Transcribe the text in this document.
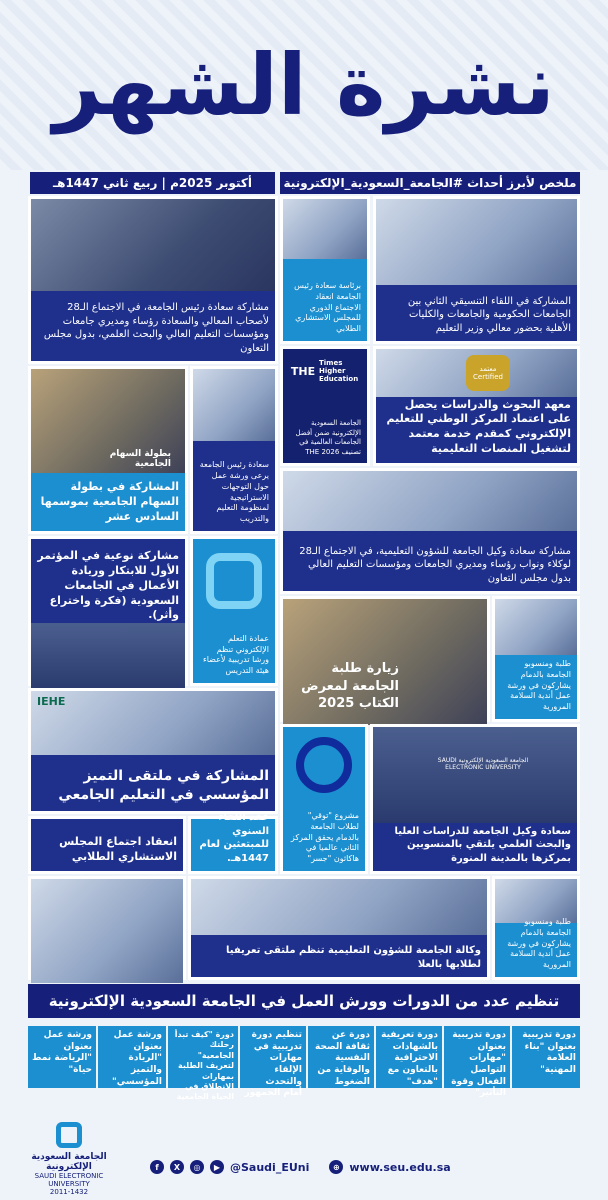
نشرة الشهر
ملخص لأبرز أحداث #الجامعة_السعودية_الإلكترونية
أكتوبر 2025م | ربيع ثاني 1447هـ
مشاركة سعادة رئيس الجامعة، في الاجتماع الـ28 لأصحاب المعالي والسعادة رؤساء ومديري جامعات ومؤسسات التعليم العالي والبحث العلمي، بدول مجلس التعاون
برئاسة سعادة رئيس الجامعة انعقاد الاجتماع الدوري للمجلس الاستشاري الطلابي
المشاركة في اللقاء التنسيقي الثاني بين الجامعات الحكومية والجامعات والكليات الأهلية بحضور معالي وزير التعليم
THE
Times Higher Education
الجامعة السعودية الإلكترونية ضمن أفضل الجامعات العالمية في تصنيف THE 2026
معتمد Certified
معهد البحوث والدراسات يحصل على اعتماد المركز الوطني للتعليم الإلكتروني كمقدم خدمة معتمد لتشغيل المنصات التعليمية
بطولة السهام الجامعية
المشاركة في بطولة السهام الجامعية بموسمها السادس عشر
سعادة رئيس الجامعة يرعى ورشة عمل حول التوجهات الاستراتيجية لمنظومة التعليم والتدريب
مشاركة سعادة وكيل الجامعة للشؤون التعليمية، في الاجتماع الـ28 لوكلاء ونواب رؤساء ومديري الجامعات ومؤسسات التعليم العالي بدول مجلس التعاون
مشاركة نوعية في المؤتمر الأول للابتكار وريادة الأعمال في الجامعات السعودية (فكرة واختراع وأثر).
عمادة التعلم الإلكتروني تنظم ورشا تدريبية لأعضاء هيئة التدريس	زيارة طلبة الجامعة لمعرض الكتاب 2025
طلبة ومنسوبو الجامعة بالدمام يشاركون في ورشة عمل أندية السلامة المرورية
IEHE
المشاركة في ملتقى التميز المؤسسي في التعليم الجامعي
مشروع "توقي" لطلاب الجامعة بالدمام يحقق المركز الثاني عالميا في هاكاثون "جسر"
الجامعة السعودية الإلكترونية SAUDI ELECTRONIC UNIVERSITY
سعادة وكيل الجامعة للدراسات العليا والبحث العلمي يلتقي بالمنسوبين بمركزها بالمدينة المنورة
انعقاد اجتماع المجلس الاستشاري الطلابي
عقد اللقاء السنوي للمبتعثين لعام 1447هـ.
وكالة الجامعة للشؤون التعليمية تنظم ملتقى تعريفيا لطلابها بالعلا
طلبة ومنسوبو الجامعة بالدمام يشاركون في ورشة عمل أندية السلامة المرورية
تنظيم عدد من الدورات وورش العمل في الجامعة السعودية الإلكترونية
دورة تدريبية بعنوان "بناء العلامة المهنية"
دورة تدريبية بعنوان "مهارات التواصل الفعال وقوة التأثير"
دورة تعريفية بالشهادات الاحترافية بالتعاون مع "هدف"
دورة عن ثقافة الصحة النفسية والوقاية من الضغوط
تنظيم دورة تدريبية في مهارات الإلقاء والتحدث أمام الجمهور
دورة "كيف تبدأ رحلتك الجامعية" لتعريف الطلبة بمهارات الانطلاق في الحياة الجامعية
ورشة عمل بعنوان "الريادة والتميز المؤسسي"
ورشة عمل بعنوان "الرياضة نمط حياة"
الجامعة السعودية الإلكترونية
SAUDI ELECTRONIC UNIVERSITY
2011-1432
f	X	◎	▶ @Saudi_EUni	⊕ www.seu.edu.sa
